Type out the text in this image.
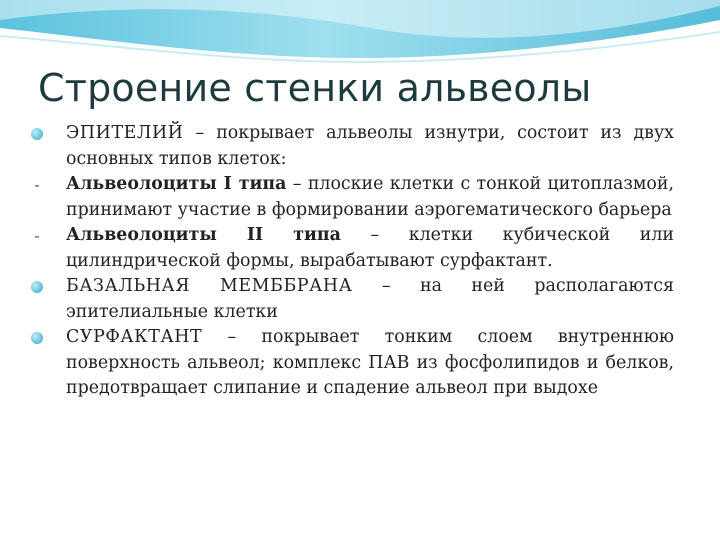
Строение стенки альвеолы
ЭПИТЕЛИЙ – покрывает альвеолы изнутри, состоит из двух основных типов клеток:
- Альвеолоциты I типа – плоские клетки с тонкой цитоплазмой, принимают участие в формировании аэрогематического барьера
- Альвеолоциты II типа – клетки кубической или цилиндрической формы, вырабатывают сурфактант.
БАЗАЛЬНАЯ МЕМББРАНА – на ней располагаются эпителиальные клетки
СУРФАКТАНТ – покрывает тонким слоем внутреннюю поверхность альвеол; комплекс ПАВ из фосфолипидов и белков, предотвращает слипание и спадение альвеол при выдохе
